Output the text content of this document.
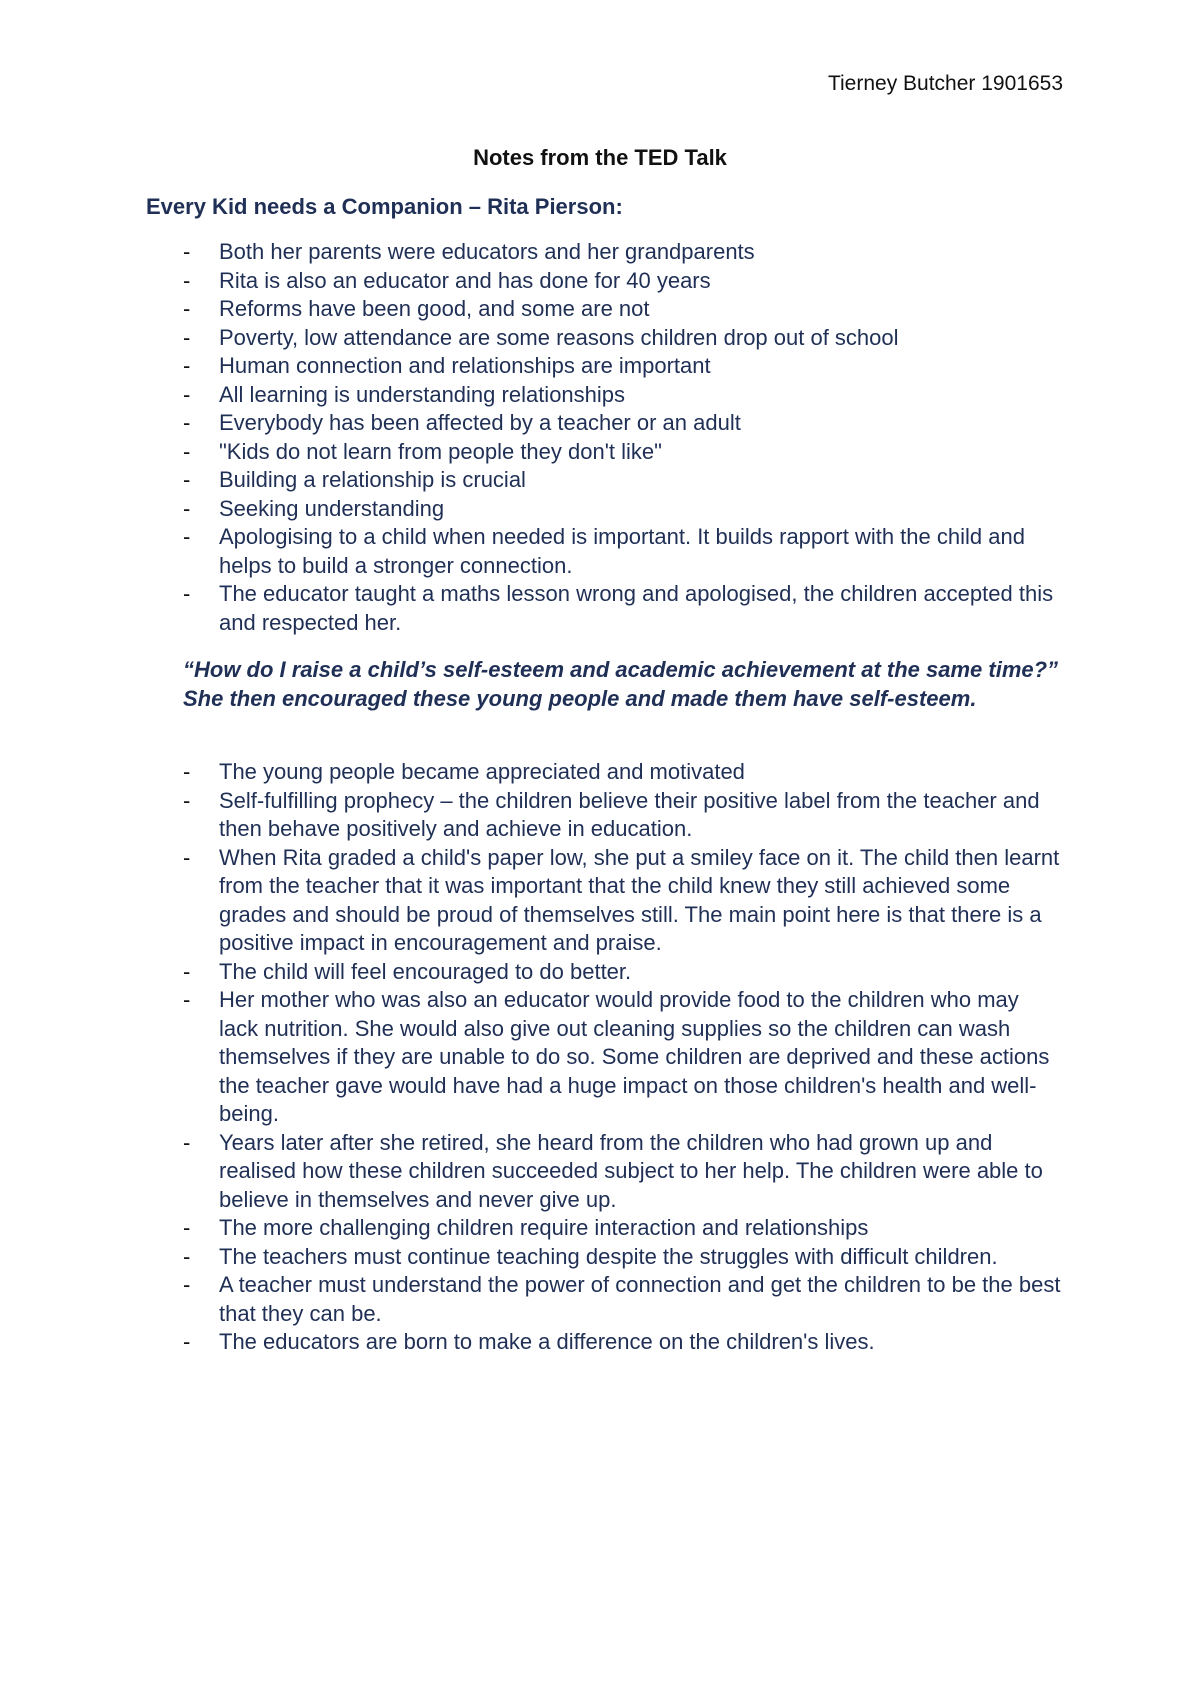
Tierney Butcher 1901653
Notes from the TED Talk
Every Kid needs a Companion – Rita Pierson:
- Both her parents were educators and her grandparents
- Rita is also an educator and has done for 40 years
- Reforms have been good, and some are not
- Poverty, low attendance are some reasons children drop out of school
- Human connection and relationships are important
- All learning is understanding relationships
- Everybody has been affected by a teacher or an adult
- "Kids do not learn from people they don't like"
- Building a relationship is crucial
- Seeking understanding
- Apologising to a child when needed is important. It builds rapport with the child and helps to build a stronger connection.
- The educator taught a maths lesson wrong and apologised, the children accepted this and respected her.

“How do I raise a child’s self-esteem and academic achievement at the same time?” She then encouraged these young people and made them have self-esteem.

- The young people became appreciated and motivated
- Self-fulfilling prophecy – the children believe their positive label from the teacher and then behave positively and achieve in education.
- When Rita graded a child's paper low, she put a smiley face on it. The child then learnt from the teacher that it was important that the child knew they still achieved some grades and should be proud of themselves still. The main point here is that there is a positive impact in encouragement and praise.
- The child will feel encouraged to do better.
- Her mother who was also an educator would provide food to the children who may lack nutrition. She would also give out cleaning supplies so the children can wash themselves if they are unable to do so. Some children are deprived and these actions the teacher gave would have had a huge impact on those children's health and well-being.
- Years later after she retired, she heard from the children who had grown up and realised how these children succeeded subject to her help. The children were able to believe in themselves and never give up.
- The more challenging children require interaction and relationships
- The teachers must continue teaching despite the struggles with difficult children.
- A teacher must understand the power of connection and get the children to be the best that they can be.
- The educators are born to make a difference on the children's lives.
